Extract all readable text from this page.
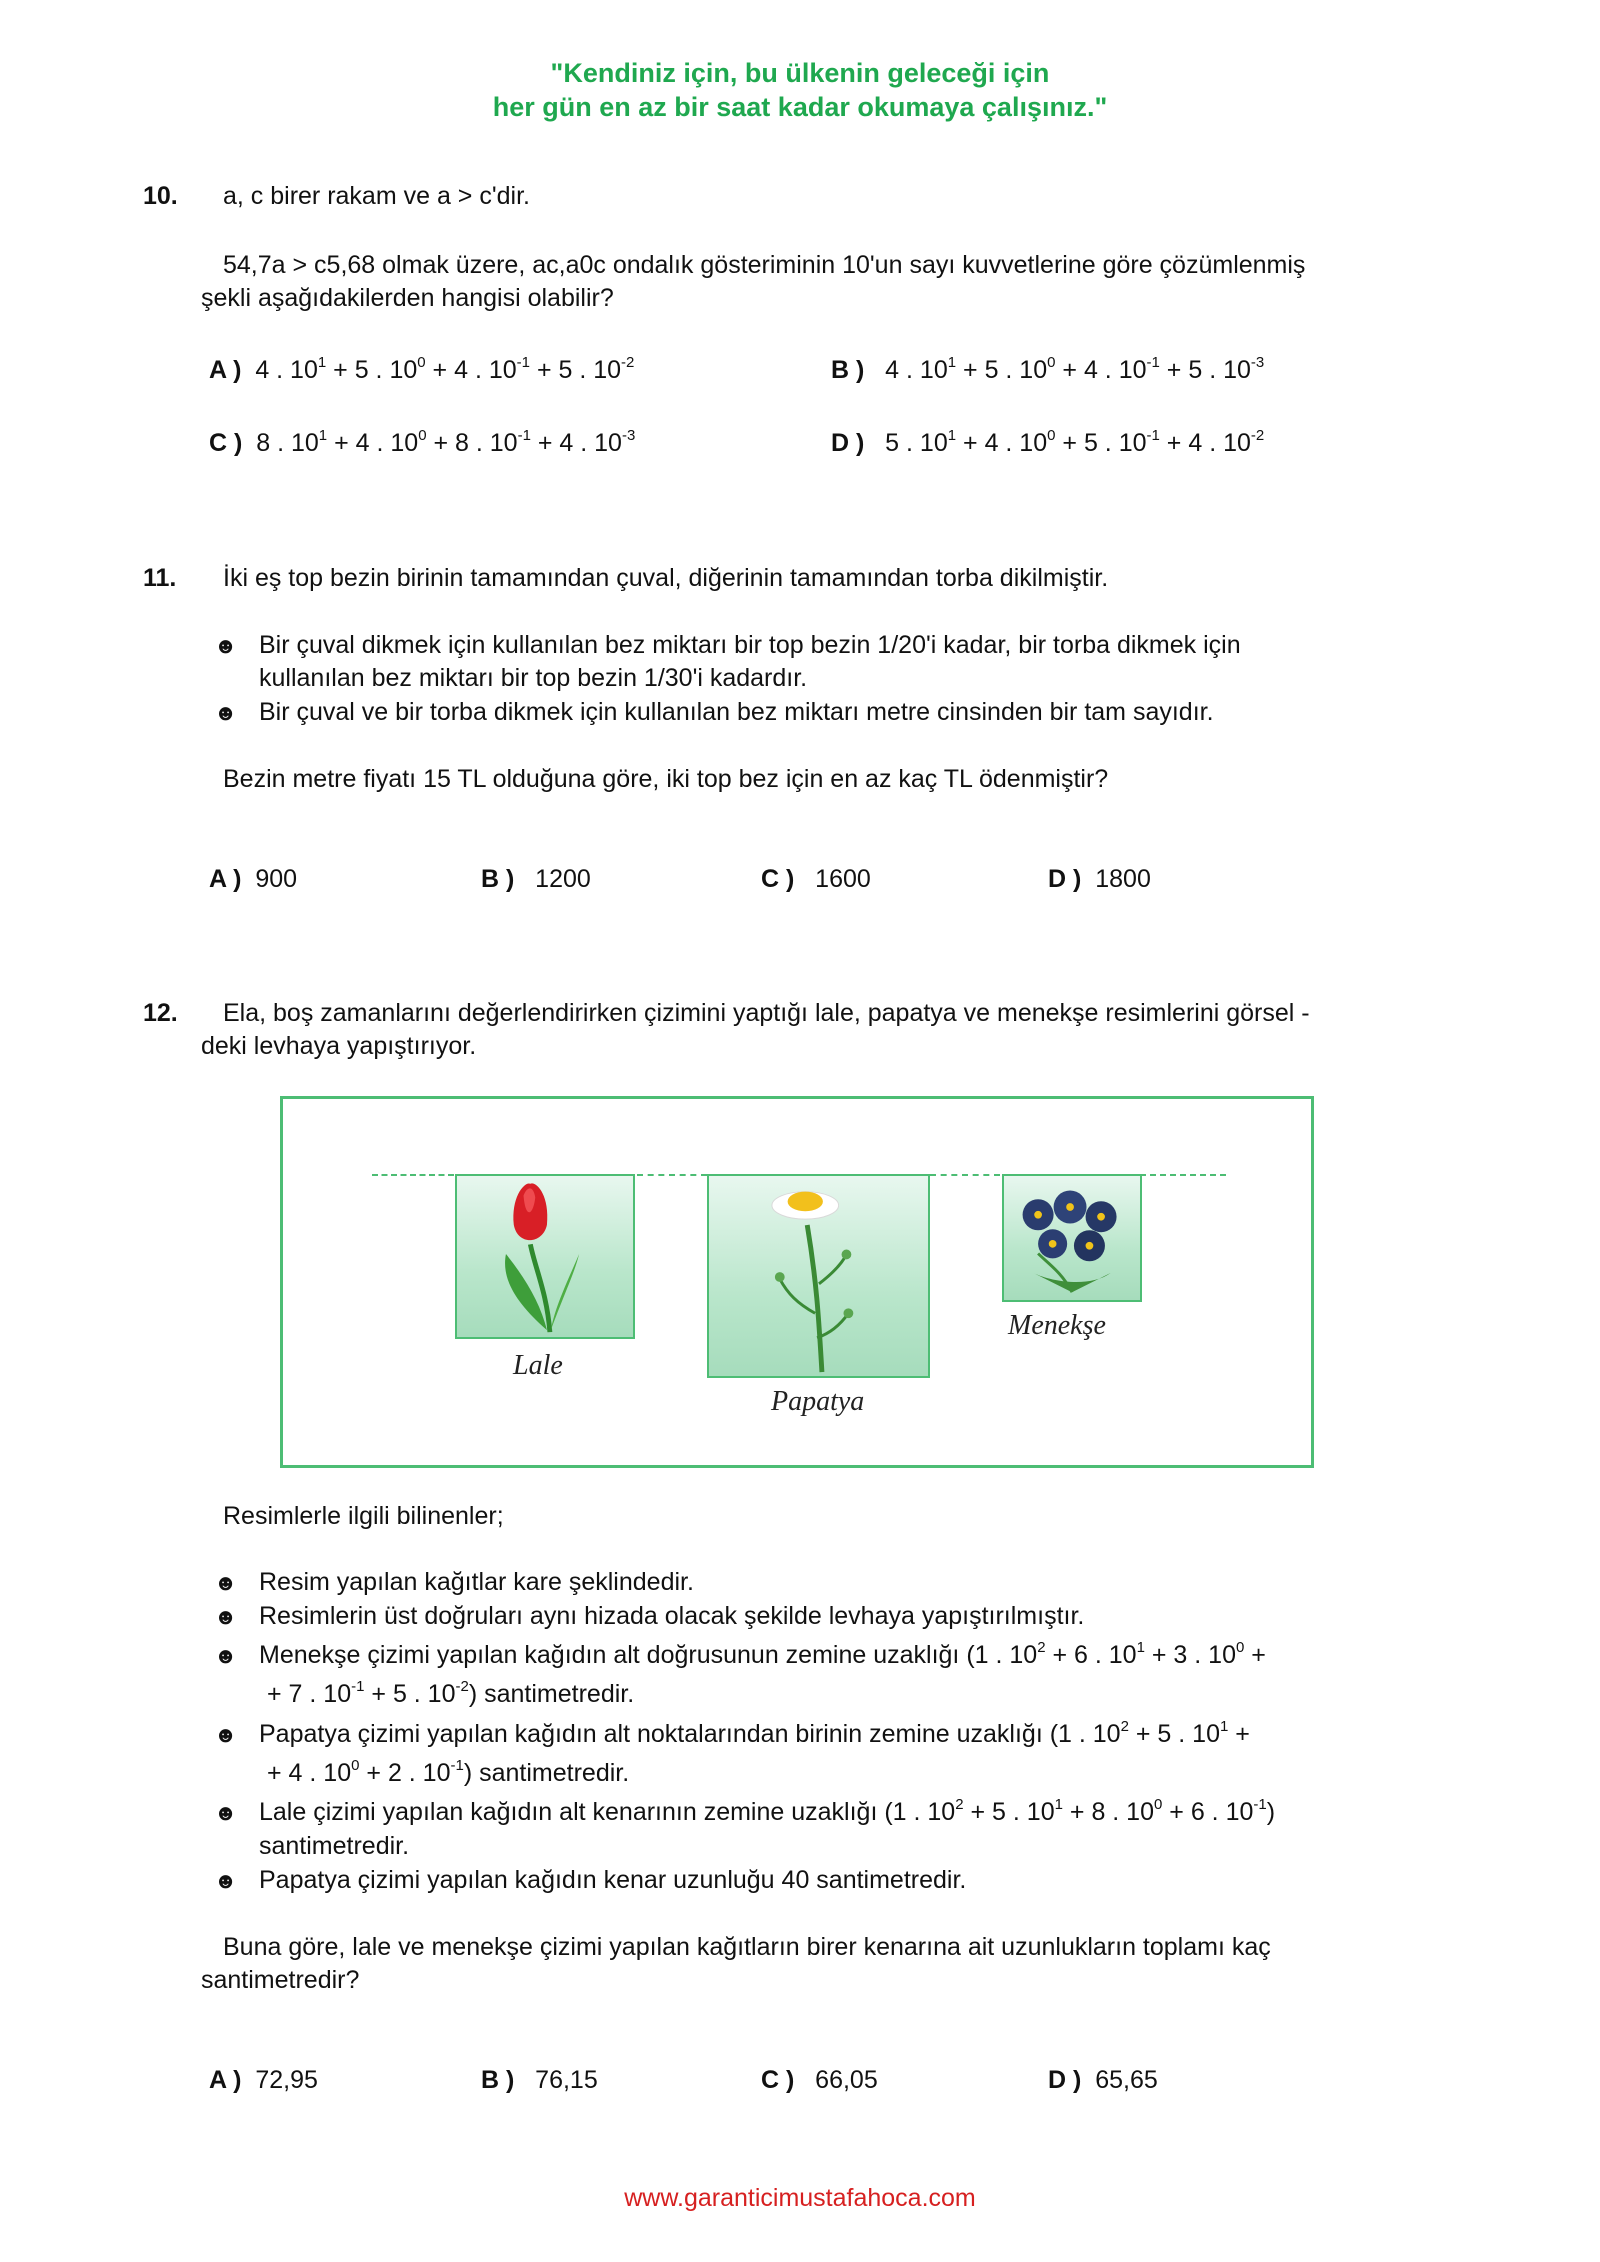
"Kendiniz için, bu ülkenin geleceği için
her gün en az bir saat kadar okumaya çalışınız."
10. a, c birer rakam ve a > c'dir.
54,7a > c5,68 olmak üzere, ac,a0c ondalık gösteriminin 10'un sayı kuvvetlerine göre çözümlenmiş
şekli aşağıdakilerden hangisi olabilir?
A ) 4 . $10^1 + 5$ . $10^0 + 4$ . $10^{-1} + 5$ . $10^{-2}$	B ) 4 . $10^1 + 5$ . $10^0 + 4$ . $10^{-1} + 5$ . $10^{-3}$
C ) 8 . $10^1 + 4$ . $10^0 + 8$ . $10^{-1} + 4$ . $10^{-3}$	D ) 5 . $10^1 + 4$ . $10^0 + 5$ . $10^{-1} + 4$ . $10^{-2}$
11. İki eş top bezin birinin tamamından çuval, diğerinin tamamından torba dikilmiştir.
☻ Bir çuval dikmek için kullanılan bez miktarı bir top bezin 1/20'i kadar, bir torba dikmek için
kullanılan bez miktarı bir top bezin 1/30'i kadardır.
☻ Bir çuval ve bir torba dikmek için kullanılan bez miktarı metre cinsinden bir tam sayıdır.
Bezin metre fiyatı 15 TL olduğuna göre, iki top bez için en az kaç TL ödenmiştir?
A ) 900	B ) 1200	C ) 1600	D ) 1800
12. Ela, boş zamanlarını değerlendirirken çizimini yaptığı lale, papatya ve menekşe resimlerini görsel -
deki levhaya yapıştırıyor.
Lale
Papatya
Menekşe
Resimlerle ilgili bilinenler;
☻ Resim yapılan kağıtlar kare şeklindedir.
☻ Resimlerin üst doğruları aynı hizada olacak şekilde levhaya yapıştırılmıştır.
☻ Menekşe çizimi yapılan kağıdın alt doğrusunun zemine uzaklığı (1 . $10^2 + 6$ . $10^1 + 3$ . $10^0$ +
+ 7 . $10^{-1} + 5$ . $10^{-2}$) santimetredir.
☻ Papatya çizimi yapılan kağıdın alt noktalarından birinin zemine uzaklığı (1 . $10^2 + 5$ . $10^1$ +
+ 4 . $10^0 + 2$ . $10^{-1}$) santimetredir.
☻ Lale çizimi yapılan kağıdın alt kenarının zemine uzaklığı (1 . $10^2 + 5$ . $10^1 + 8$ . $10^0 + 6$ . $10^{-1}$)
santimetredir.
☻ Papatya çizimi yapılan kağıdın kenar uzunluğu 40 santimetredir.
Buna göre, lale ve menekşe çizimi yapılan kağıtların birer kenarına ait uzunlukların toplamı kaç
santimetredir?
A ) 72,95	B ) 76,15	C ) 66,05	D ) 65,65
www.garanticimustafahoca.com
